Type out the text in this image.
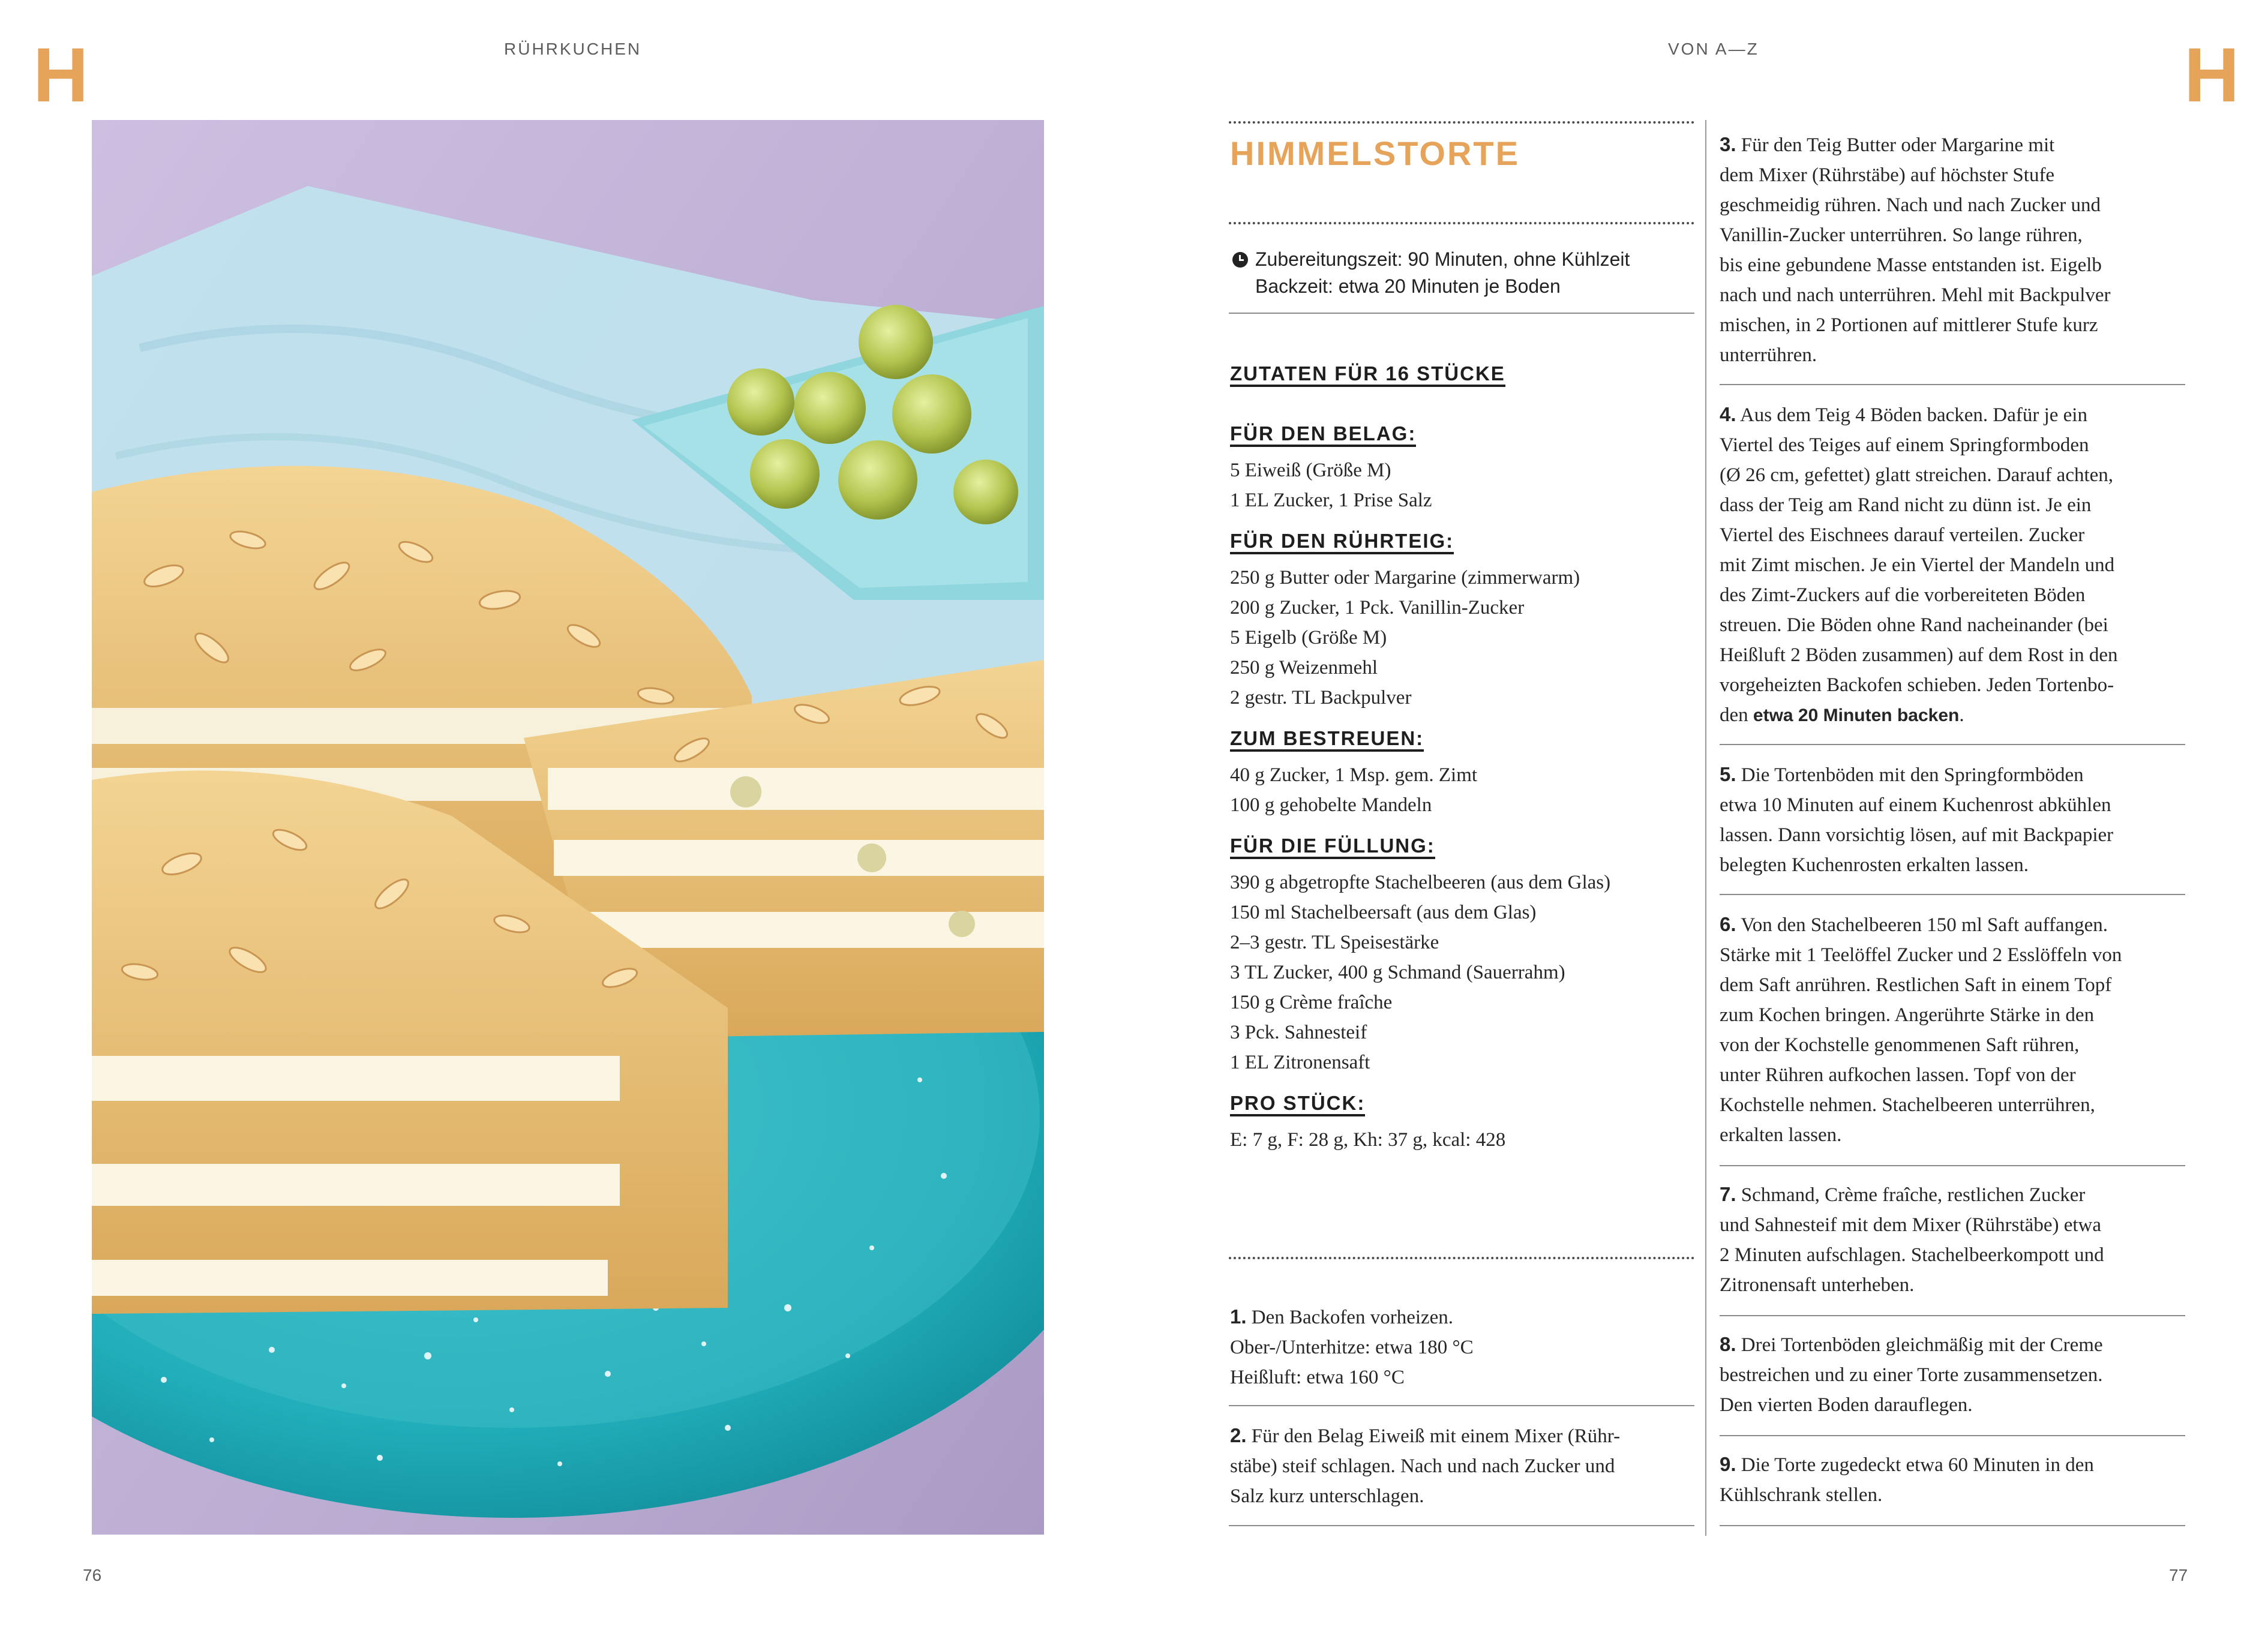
H	RÜHRKUCHEN	VON A—Z	H
HIMMELSTORTE
Zubereitungszeit: 90 Minuten, ohne Kühlzeit
Backzeit: etwa 20 Minuten je Boden
ZUTATEN FÜR 16 STÜCKE
FÜR DEN BELAG:
5 Eiweiß (Größe M)
1 EL Zucker, 1 Prise Salz
FÜR DEN RÜHRTEIG:
250 g Butter oder Margarine (zimmerwarm)
200 g Zucker, 1 Pck. Vanillin-Zucker
5 Eigelb (Größe M)
250 g Weizenmehl
2 gestr. TL Backpulver
ZUM BESTREUEN:
40 g Zucker, 1 Msp. gem. Zimt
100 g gehobelte Mandeln
FÜR DIE FÜLLUNG:
390 g abgetropfte Stachelbeeren (aus dem Glas)
150 ml Stachelbeersaft (aus dem Glas)
2–3 gestr. TL Speisestärke
3 TL Zucker, 400 g Schmand (Sauerrahm)
150 g Crème fraîche
3 Pck. Sahnesteif
1 EL Zitronensaft
PRO STÜCK:
E: 7 g, F: 28 g, Kh: 37 g, kcal: 428
1. Den Backofen vorheizen.
Ober-/Unterhitze: etwa 180 °C
Heißluft: etwa 160 °C
2. Für den Belag Eiweiß mit einem Mixer (Rühr-
stäbe) steif schlagen. Nach und nach Zucker und
Salz kurz unterschlagen.
3. Für den Teig Butter oder Margarine mit
dem Mixer (Rührstäbe) auf höchster Stufe
geschmeidig rühren. Nach und nach Zucker und
Vanillin-Zucker unterrühren. So lange rühren,
bis eine gebundene Masse entstanden ist. Eigelb
nach und nach unterrühren. Mehl mit Backpulver
mischen, in 2 Portionen auf mittlerer Stufe kurz
unterrühren.
4. Aus dem Teig 4 Böden backen. Dafür je ein
Viertel des Teiges auf einem Springformboden
(Ø 26 cm, gefettet) glatt streichen. Darauf achten,
dass der Teig am Rand nicht zu dünn ist. Je ein
Viertel des Eischnees darauf verteilen. Zucker
mit Zimt mischen. Je ein Viertel der Mandeln und
des Zimt-Zuckers auf die vorbereiteten Böden
streuen. Die Böden ohne Rand nacheinander (bei
Heißluft 2 Böden zusammen) auf dem Rost in den
vorgeheizten Backofen schieben. Jeden Tortenbo-
den etwa 20 Minuten backen.
5. Die Tortenböden mit den Springformböden
etwa 10 Minuten auf einem Kuchenrost abkühlen
lassen. Dann vorsichtig lösen, auf mit Backpapier
belegten Kuchenrosten erkalten lassen.
6. Von den Stachelbeeren 150 ml Saft auffangen.
Stärke mit 1 Teelöffel Zucker und 2 Esslöffeln von
dem Saft anrühren. Restlichen Saft in einem Topf
zum Kochen bringen. Angerührte Stärke in den
von der Kochstelle genommenen Saft rühren,
unter Rühren aufkochen lassen. Topf von der
Kochstelle nehmen. Stachelbeeren unterrühren,
erkalten lassen.
7. Schmand, Crème fraîche, restlichen Zucker
und Sahnesteif mit dem Mixer (Rührstäbe) etwa
2 Minuten aufschlagen. Stachelbeerkompott und
Zitronensaft unterheben.
8. Drei Tortenböden gleichmäßig mit der Creme
bestreichen und zu einer Torte zusammensetzen.
Den vierten Boden darauflegen.
9. Die Torte zugedeckt etwa 60 Minuten in den
Kühlschrank stellen.
76	77
